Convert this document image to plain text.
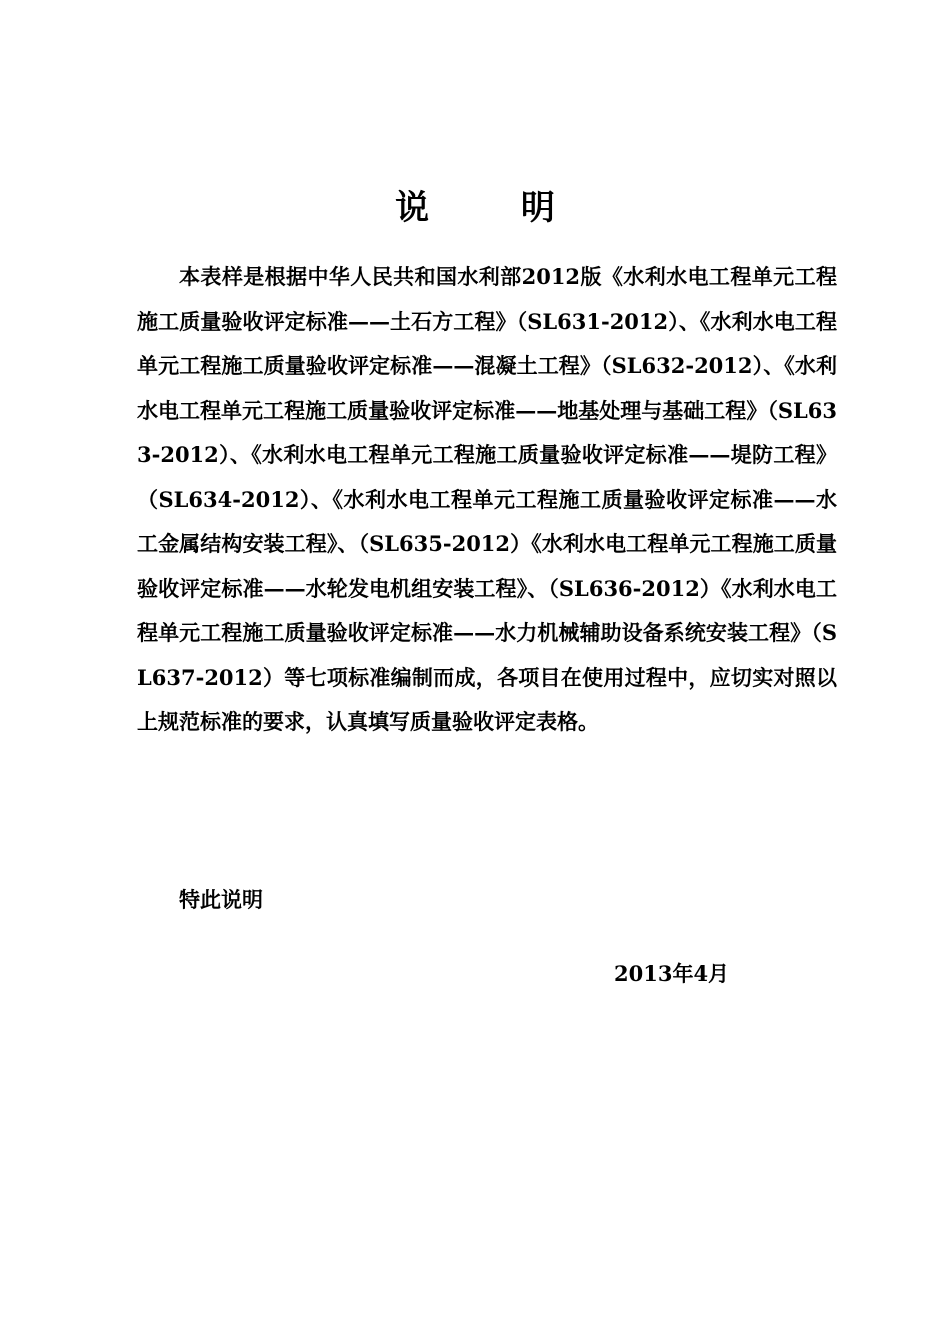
说 明

本表样是根据中华人民共和国水利部2012版《水利水电工程单元工程施工质量验收评定标准——土石方工程》（SL631-2012）、《水利水电工程单元工程施工质量验收评定标准——混凝土工程》（SL632-2012）、《水利水电工程单元工程施工质量验收评定标准——地基处理与基础工程》（SL633-2012）、《水利水电工程单元工程施工质量验收评定标准——堤防工程》（SL634-2012）、《水利水电工程单元工程施工质量验收评定标准——水工金属结构安装工程》、（SL635-2012）《水利水电工程单元工程施工质量验收评定标准——水轮发电机组安装工程》、（SL636-2012）《水利水电工程单元工程施工质量验收评定标准——水力机械辅助设备系统安装工程》（SL637-2012）等七项标准编制而成，各项目在使用过程中，应切实对照以上规范标准的要求，认真填写质量验收评定表格。

特此说明

2013年4月
